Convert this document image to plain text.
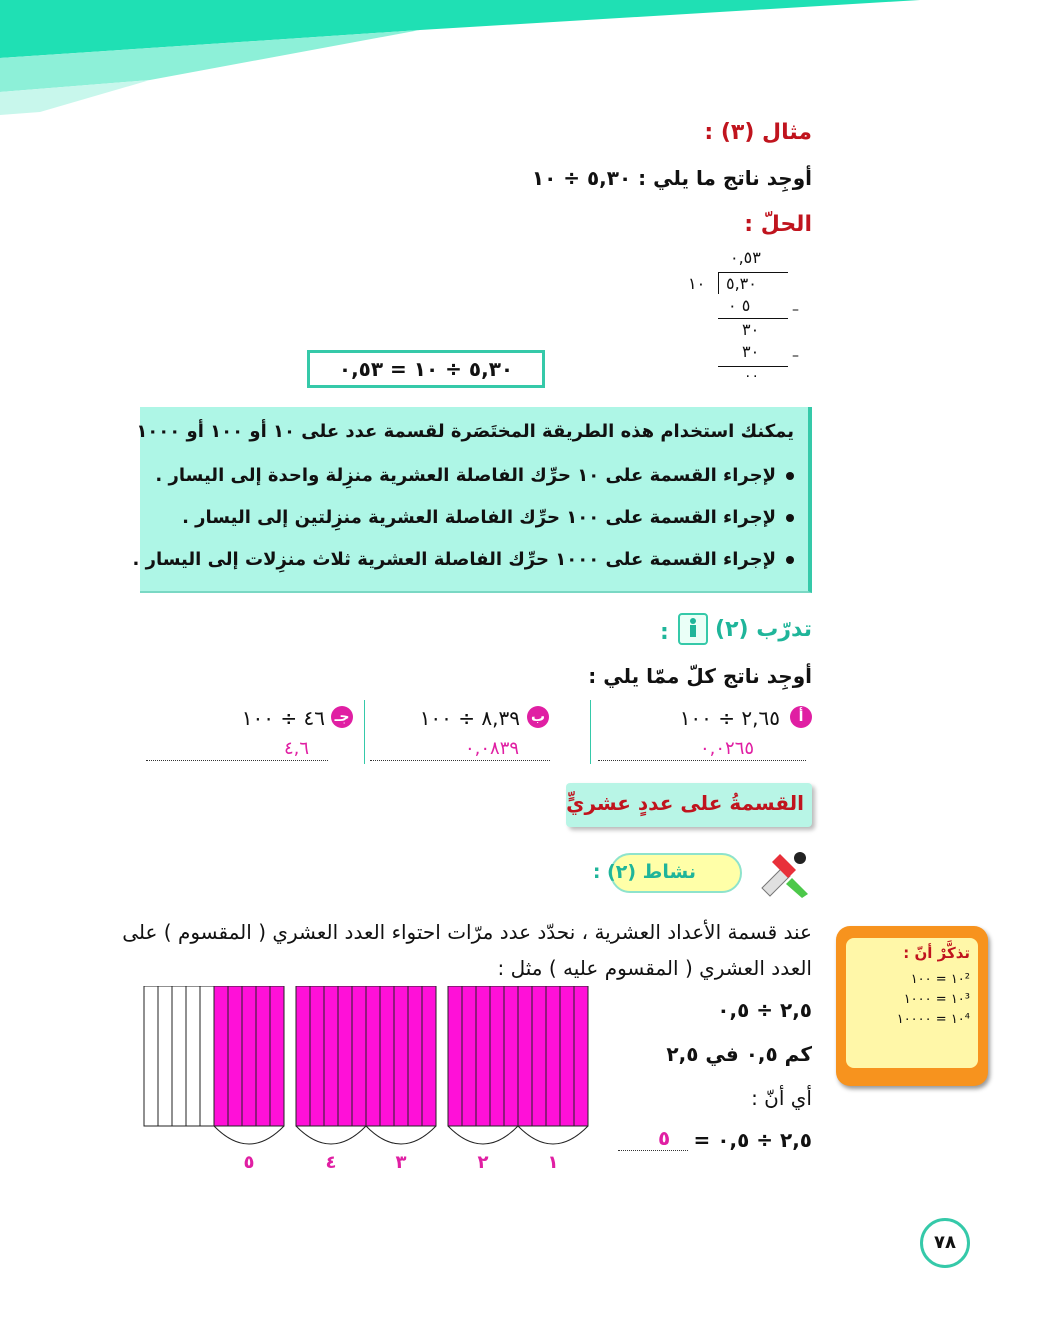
مثال (٣) :
أوجِد ناتج ما يلي : ٥,٣٠ ÷ ١٠
الحلّ :
٠,٥٣
١٠ ٥,٣٠
٥ ٠	–
٣٠
٣٠ –
٠٠
٥,٣٠ ÷ ١٠ = ٠,٥٣
يمكنك استخدام هذه الطريقة المختَصَرة لقسمة عدد على ١٠ أو ١٠٠ أو ١٠٠٠
لإجراء القسمة على ١٠ حرِّك الفاصلة العشرية منزِلة واحدة إلى اليسار .
لإجراء القسمة على ١٠٠ حرِّك الفاصلة العشرية منزِلتين إلى اليسار .
لإجراء القسمة على ١٠٠٠ حرِّك الفاصلة العشرية ثلاث منزِلات إلى اليسار .
تدرّب (٢)
:
أوجِد ناتج كلّ ممّا يلي :
أ
٢,٦٥ ÷ ١٠٠
٠,٠٢٦٥
ب
٨,٣٩ ÷ ١٠٠
٠,٠٨٣٩
جـ
٤٦ ÷ ١٠٠
٤,٦
القسمةُ على عددٍ عشريٍّ
نشاط (٢) :
عند قسمة الأعداد العشرية ، نحدّد عدد مرّات احتواء العدد العشري ( المقسوم ) على
العدد العشري ( المقسوم عليه ) مثل :
٢,٥ ÷ ٠,٥
كم ٠,٥ في ٢,٥
أي أنّ :
٢,٥ ÷ ٠,٥ =
٥
١
٢
٣
٤
٥
تذكَّرْ أنّ :
١٠² = ١٠٠
١٠³ = ١٠٠٠
١٠⁴ = ١٠٠٠٠
٧٨
